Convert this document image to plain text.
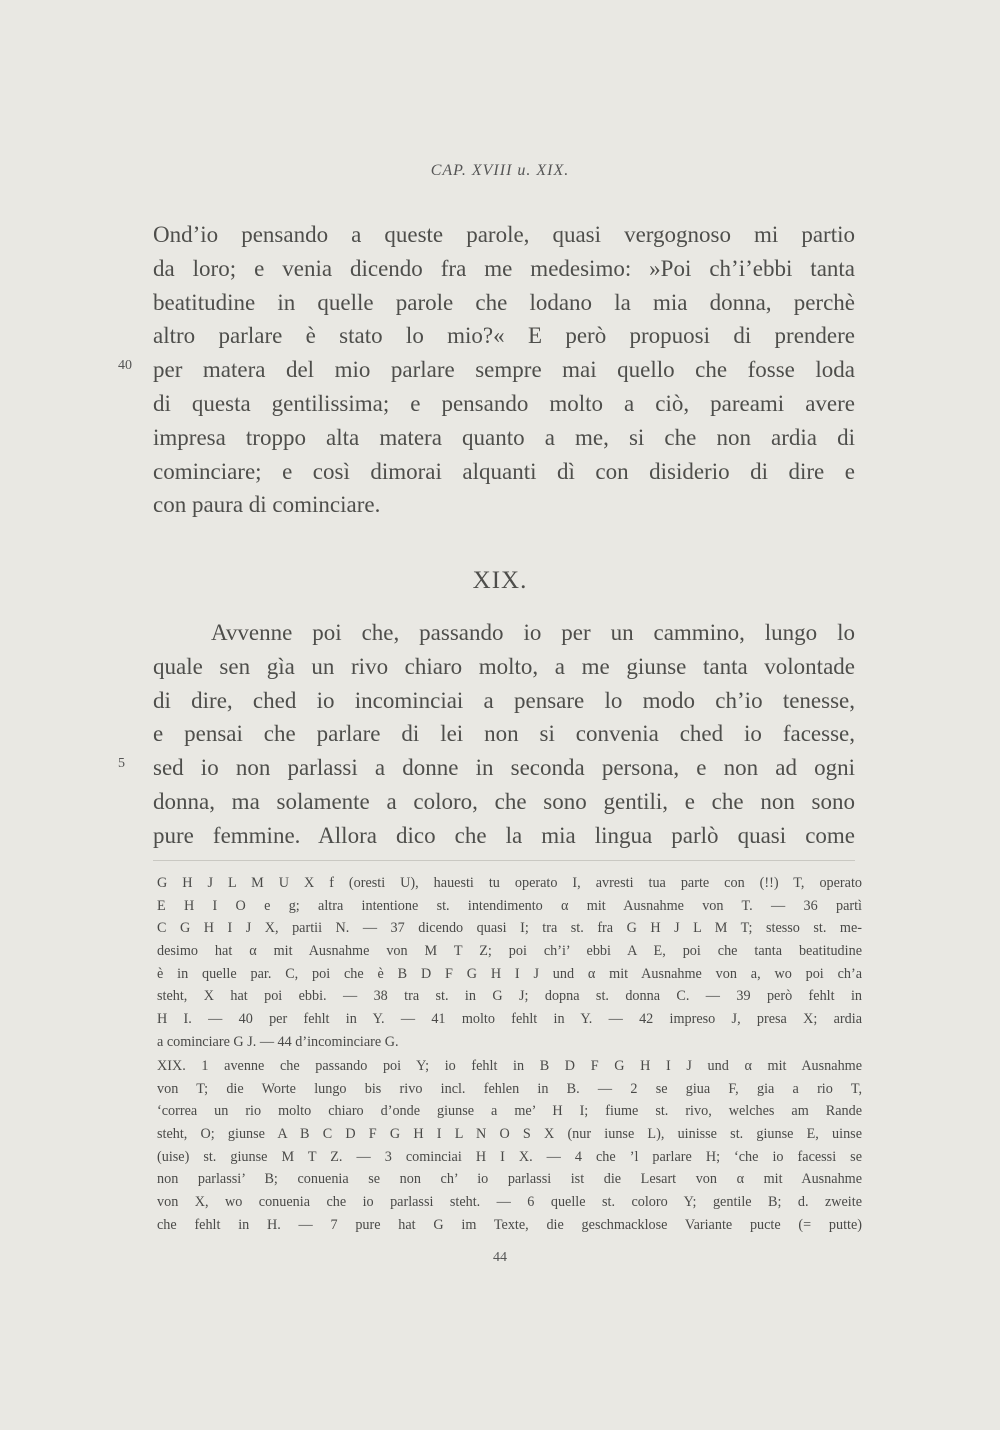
CAP. XVIII u. XIX.
Ond’io pensando a queste parole, quasi vergognoso mi partio
da loro; e venia dicendo fra me medesimo: »Poi ch’i’ebbi tanta
beatitudine in quelle parole che lodano la mia donna, perchè
altro parlare è stato lo mio?« E però propuosi di prendere
per matera del mio parlare sempre mai quello che fosse loda
di questa gentilissima; e pensando molto a ciò, pareami avere
impresa troppo alta matera quanto a me, si che non ardia di
cominciare; e così dimorai alquanti dì con disiderio di dire e
con paura di cominciare.
40
XIX.
Avvenne poi che, passando io per un cammino, lungo lo
quale sen gìa un rivo chiaro molto, a me giunse tanta volontade
di dire, ched io incominciai a pensare lo modo ch’io tenesse,
e pensai che parlare di lei non si convenia ched io facesse,
sed io non parlassi a donne in seconda persona, e non ad ogni
donna, ma solamente a coloro, che sono gentili, e che non sono
pure femmine. Allora dico che la mia lingua parlò quasi come
5
G H J L M U X f (oresti U), hauesti tu operato I, avresti tua parte con (!!) T, operato
E H I O e g; altra intentione st. intendimento α mit Ausnahme von T. — 36 partì
C G H I J X, partii N. — 37 dicendo quasi I; tra st. fra G H J L M T; stesso st. me-
desimo hat α mit Ausnahme von M T Z; poi ch’i’ ebbi A E, poi che tanta beatitudine
è in quelle par. C, poi che è B D F G H I J und α mit Ausnahme von a, wo poi ch’a
steht, X hat poi ebbi. — 38 tra st. in G J; dopna st. donna C. — 39 però fehlt in
H I. — 40 per fehlt in Y. — 41 molto fehlt in Y. — 42 impreso J, presa X; ardia
a cominciare G J. — 44 d’incominciare G.
XIX. 1 avenne che passando poi Y; io fehlt in B D F G H I J und α mit Ausnahme
von T; die Worte lungo bis rivo incl. fehlen in B. — 2 se giua F, gia a rio T,
‘correa un rio molto chiaro d’onde giunse a me’ H I; fiume st. rivo, welches am Rande
steht, O; giunse A B C D F G H I L N O S X (nur iunse L), uinisse st. giunse E, uinse
(uise) st. giunse M T Z. — 3 cominciai H I X. — 4 che ’l parlare H; ‘che io facessi se
non parlassi’ B; conuenia se non ch’ io parlassi ist die Lesart von α mit Ausnahme
von X, wo conuenia che io parlassi steht. — 6 quelle st. coloro Y; gentile B; d. zweite
che fehlt in H. — 7 pure hat G im Texte, die geschmacklose Variante pucte (= putte)
44
